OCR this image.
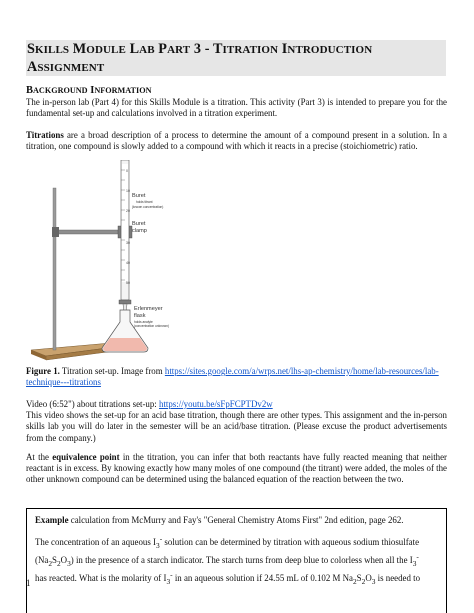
SKILLS MODULE LAB PART 3 - TITRATION INTRODUCTION
ASSIGNMENT
BACKGROUND INFORMATION
The in-person lab (Part 4) for this Skills Module is a titration. This activity (Part 3) is intended to prepare you for the fundamental set-up and calculations involved in a titration experiment.
Titrations are a broad description of a process to determine the amount of a compound present in a solution. In a titration, one compound is slowly added to a compound with which it reacts in a precise (stoichiometric) ratio.
0
10
20
30
40
50
Buret
holds titrant
(known concentration)
Buret
clamp
Erlenmeyer
flask
holds analyte
(concentration unknown)
Figure 1. Titration set-up. Image from https://sites.google.com/a/wrps.net/lhs-ap-chemistry/home/lab-resources/lab-technique---titrations
Video (6:52") about titrations set-up: https://youtu.be/sFpFCPTDv2w
This video shows the set-up for an acid base titration, though there are other types. This assignment and the in-person skills lab you will do later in the semester will be an acid/base titration. (Please excuse the product advertisements from the company.)
At the equivalence point in the titration, you can infer that both reactants have fully reacted meaning that neither reactant is in excess. By knowing exactly how many moles of one compound (the titrant) were added, the moles of the other unknown compound can be determined using the balanced equation of the reaction between the two.
Example calculation from McMurry and Fay's "General Chemistry Atoms First" 2nd edition, page 262.
The concentration of an aqueous $I_3^-$ solution can be determined by titration with aqueous sodium thiosulfate
$(Na_2S_2O_3)$ in the presence of a starch indicator. The starch turns from deep blue to colorless when all the $I_3^-$
has reacted. What is the molarity of $I_3^-$ in an aqueous solution if 24.55 mL of 0.102 M $Na_2S_2O_3$ is needed to
1
